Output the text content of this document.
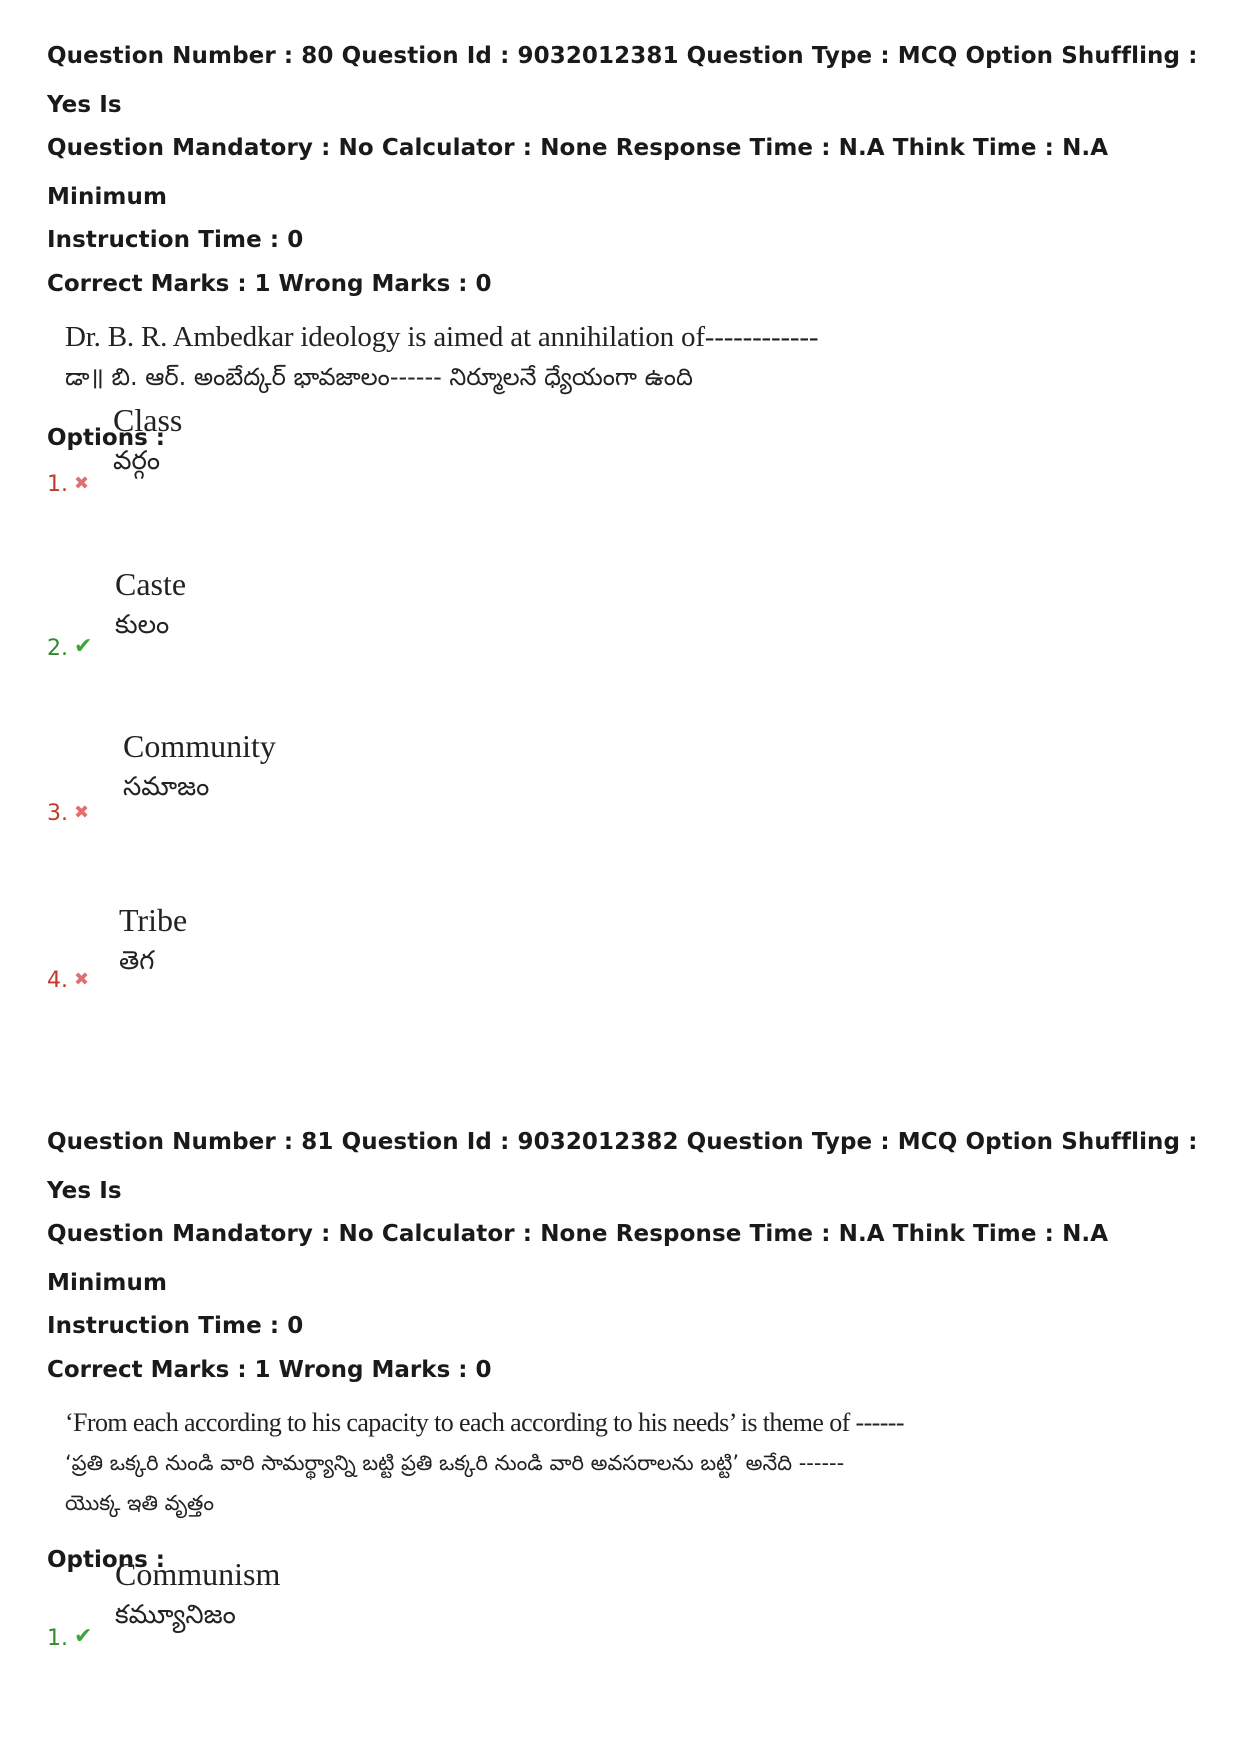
Question Number : 80 Question Id : 9032012381 Question Type : MCQ Option Shuffling : Yes Is

Question Mandatory : No Calculator : None Response Time : N.A Think Time : N.A Minimum

Instruction Time : 0

Correct Marks : 1 Wrong Marks : 0

Dr. B. R. Ambedkar ideology is aimed at annihilation of------------
డా॥ బి. ఆర్. అంబేద్కర్ భావజాలం------ నిర్మూలనే ధ్యేయంగా ఉంది
Options :
Class
వర్గం
1. ✖
Caste
కులం
2. ✔
Community
సమాజం
3. ✖
Tribe
తెగ
4. ✖

Question Number : 81 Question Id : 9032012382 Question Type : MCQ Option Shuffling : Yes Is

Question Mandatory : No Calculator : None Response Time : N.A Think Time : N.A Minimum

Instruction Time : 0

Correct Marks : 1 Wrong Marks : 0

‘From each according to his capacity to each according to his needs’ is theme of ------
‘ప్రతి ఒక్కరి నుండి వారి సామర్థ్యాన్ని బట్టి ప్రతి ఒక్కరి నుండి వారి అవసరాలను బట్టి’ అనేది ------
యొక్క ఇతి వృత్తం
Options :
Communism
కమ్యూనిజం
1. ✔
